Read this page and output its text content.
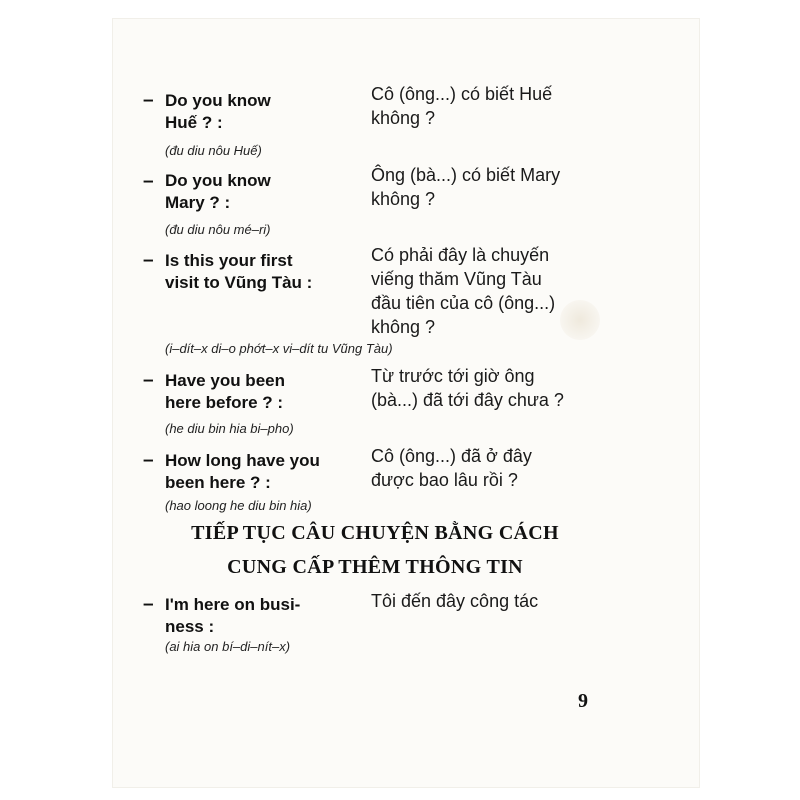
– Do you know
Huế ? :
Cô (ông...) có biết Huế
không ?
(đu diu nôu Huế)
– Do you know
Mary ? :
Ông (bà...) có biết Mary
không ?
(đu diu nôu mé–ri)
– Is this your first
visit to Vũng Tàu :
Có phải đây là chuyến
viếng thăm Vũng Tàu
đầu tiên của cô (ông...)
không ?
(i–dít–x di–o phớt–x vi–dít tu Vũng Tàu)
– Have you been
here before ? :
Từ trước tới giờ ông
(bà...) đã tới đây chưa ?
(he diu bin hia bi–pho)
– How long have you
been here ? :
Cô (ông...) đã ở đây
được bao lâu rồi ?
(hao loong he diu bin hia)
TIẾP TỤC CÂU CHUYỆN BẰNG CÁCH
CUNG CẤP THÊM THÔNG TIN
– I'm here on busi-
ness :
Tôi đến đây công tác
(ai hia on bí–di–nít–x)
9
